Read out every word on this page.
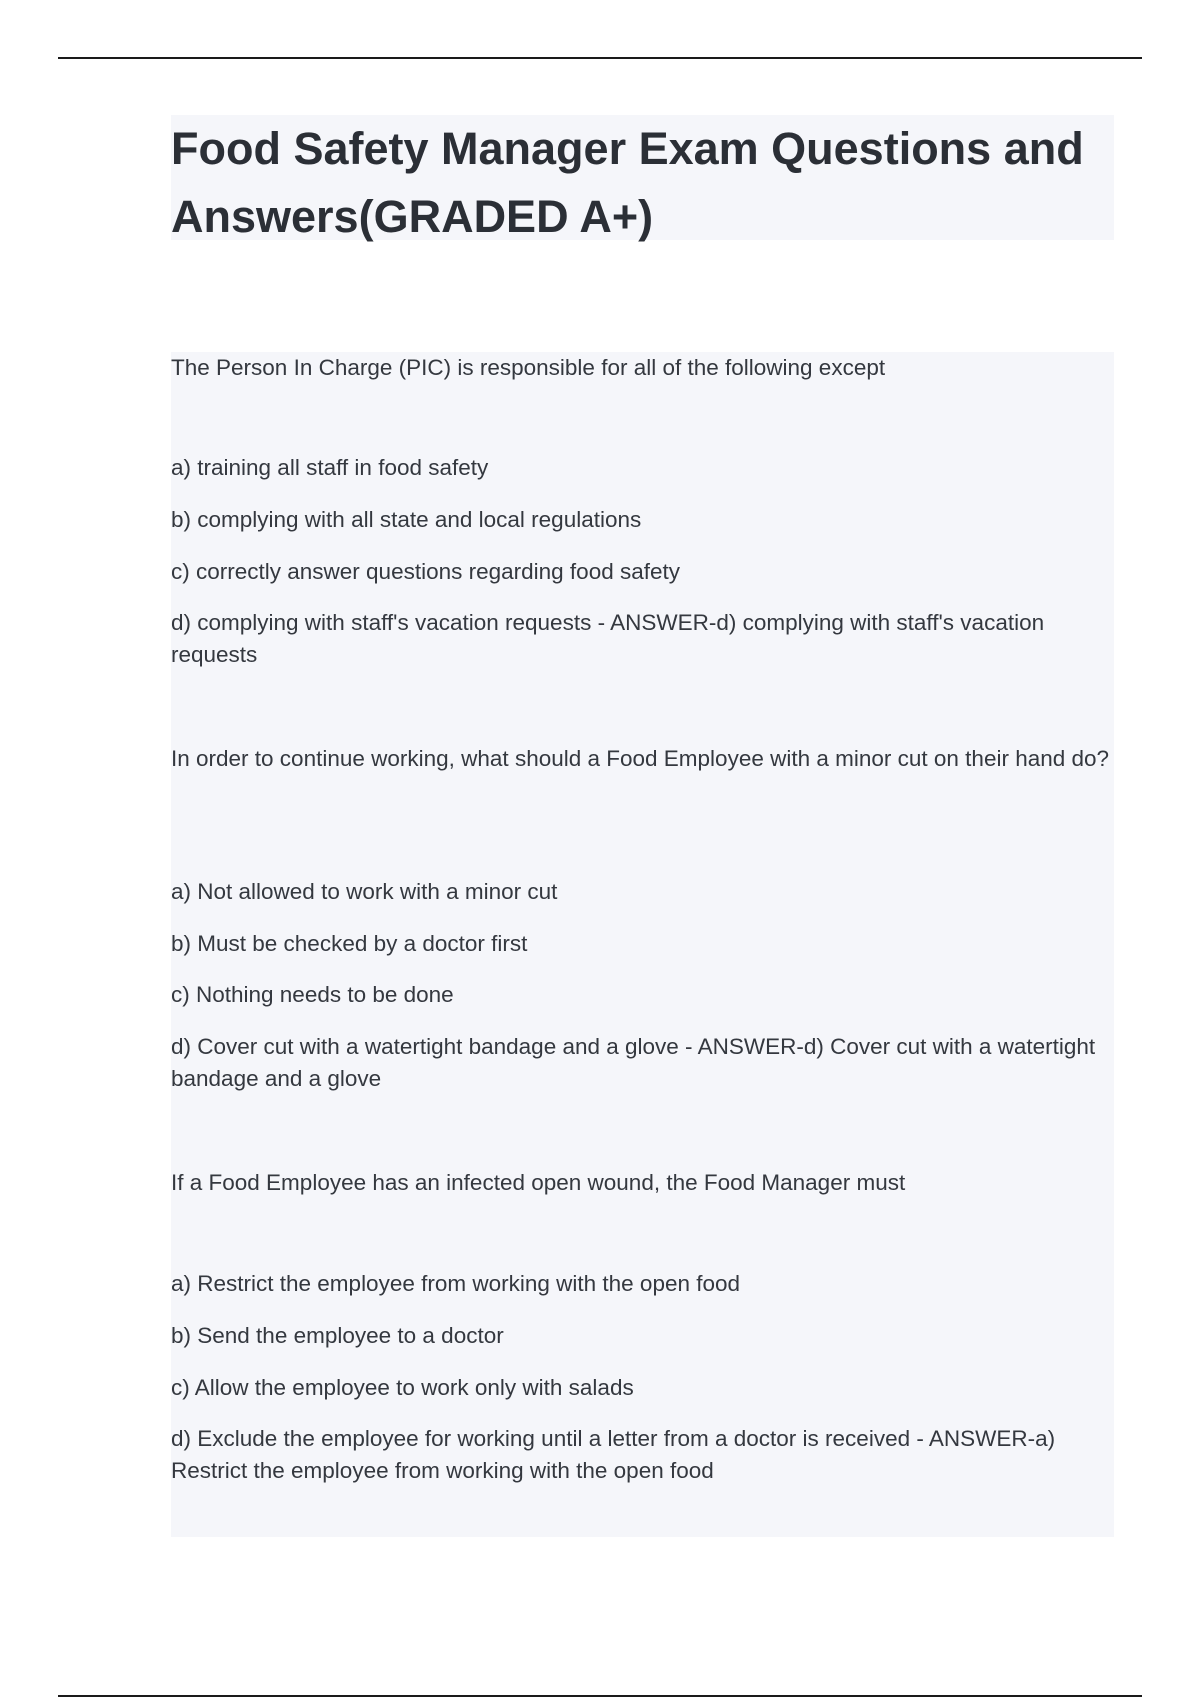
Food Safety Manager Exam Questions and Answers(GRADED A+)

The Person In Charge (PIC) is responsible for all of the following except

a) training all staff in food safety

b) complying with all state and local regulations

c) correctly answer questions regarding food safety

d) complying with staff's vacation requests - ANSWER-d) complying with staff's vacation requests

In order to continue working, what should a Food Employee with a minor cut on their hand do?

a) Not allowed to work with a minor cut

b) Must be checked by a doctor first

c) Nothing needs to be done

d) Cover cut with a watertight bandage and a glove - ANSWER-d) Cover cut with a watertight bandage and a glove

If a Food Employee has an infected open wound, the Food Manager must

a) Restrict the employee from working with the open food

b) Send the employee to a doctor

c) Allow the employee to work only with salads

d) Exclude the employee for working until a letter from a doctor is received - ANSWER-a) Restrict the employee from working with the open food
